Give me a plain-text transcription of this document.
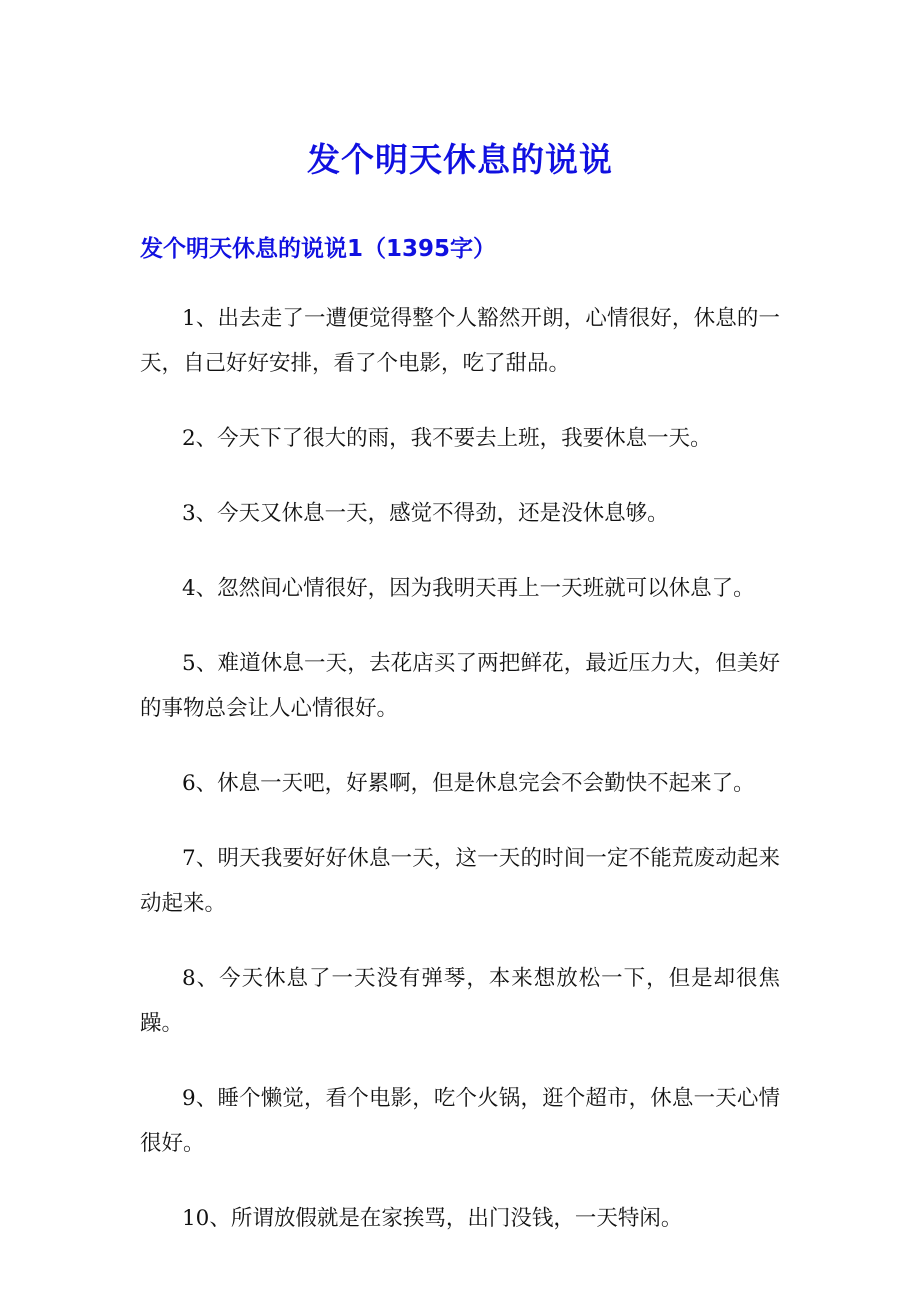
发个明天休息的说说
发个明天休息的说说1（1395字）

1、出去走了一遭便觉得整个人豁然开朗，心情很好，休息的一天，自己好好安排，看了个电影，吃了甜品。

2、今天下了很大的雨，我不要去上班，我要休息一天。

3、今天又休息一天，感觉不得劲，还是没休息够。

4、忽然间心情很好，因为我明天再上一天班就可以休息了。

5、难道休息一天，去花店买了两把鲜花，最近压力大，但美好的事物总会让人心情很好。

6、休息一天吧，好累啊，但是休息完会不会勤快不起来了。

7、明天我要好好休息一天，这一天的时间一定不能荒废动起来动起来。

8、今天休息了一天没有弹琴，本来想放松一下，但是却很焦躁。

9、睡个懒觉，看个电影，吃个火锅，逛个超市，休息一天心情很好。

10、所谓放假就是在家挨骂，出门没钱，一天特闲。
